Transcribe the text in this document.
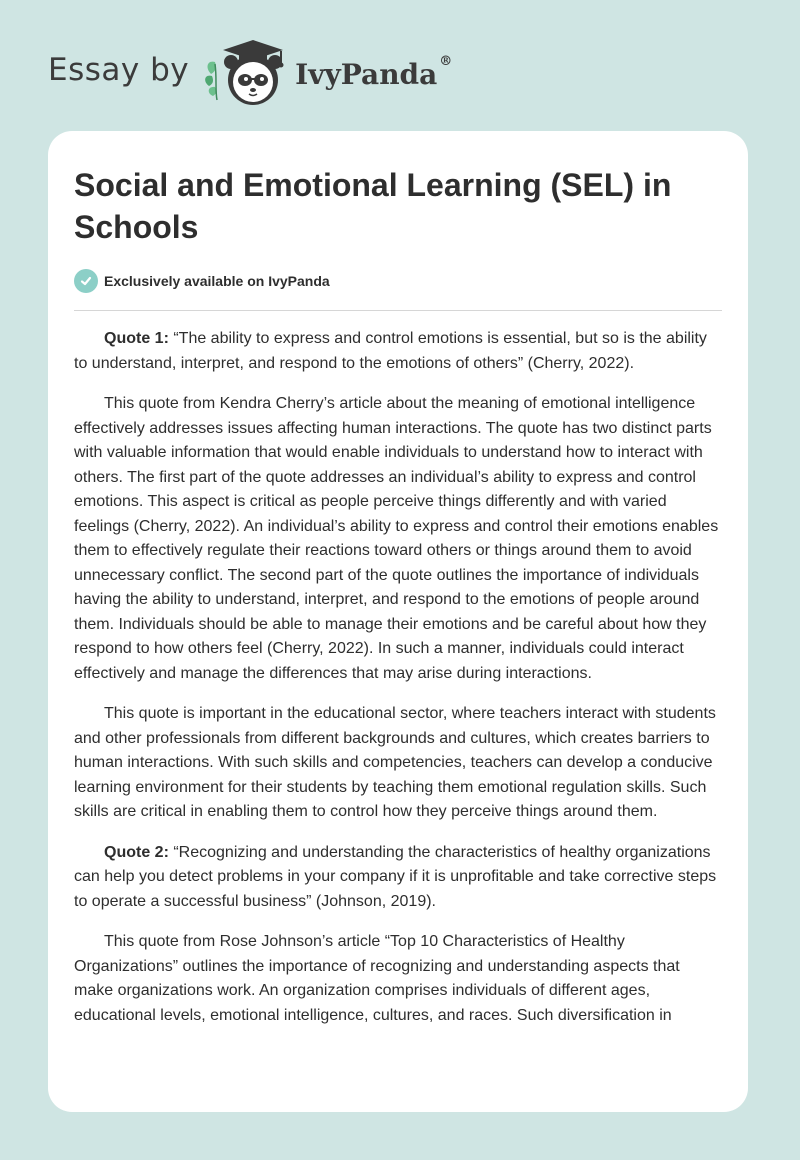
Essay by	IvyPanda ®
Social and Emotional Learning (SEL) in Schools
Exclusively available on IvyPanda

Quote 1: “The ability to express and control emotions is essential, but so is the ability to understand, interpret, and respond to the emotions of others” (Cherry, 2022).

This quote from Kendra Cherry’s article about the meaning of emotional intelligence effectively addresses issues affecting human interactions. The quote has two distinct parts with valuable information that would enable individuals to understand how to interact with others. The first part of the quote addresses an individual’s ability to express and control emotions. This aspect is critical as people perceive things differently and with varied feelings (Cherry, 2022). An individual’s ability to express and control their emotions enables them to effectively regulate their reactions toward others or things around them to avoid unnecessary conflict. The second part of the quote outlines the importance of individuals having the ability to understand, interpret, and respond to the emotions of people around them. Individuals should be able to manage their emotions and be careful about how they respond to how others feel (Cherry, 2022). In such a manner, individuals could interact effectively and manage the differences that may arise during interactions.

This quote is important in the educational sector, where teachers interact with students and other professionals from different backgrounds and cultures, which creates barriers to human interactions. With such skills and competencies, teachers can develop a conducive learning environment for their students by teaching them emotional regulation skills. Such skills are critical in enabling them to control how they perceive things around them.

Quote 2: “Recognizing and understanding the characteristics of healthy organizations can help you detect problems in your company if it is unprofitable and take corrective steps to operate a successful business” (Johnson, 2019).

This quote from Rose Johnson’s article “Top 10 Characteristics of Healthy Organizations” outlines the importance of recognizing and understanding aspects that make organizations work. An organization comprises individuals of different ages, educational levels, emotional intelligence, cultures, and races. Such diversification in
